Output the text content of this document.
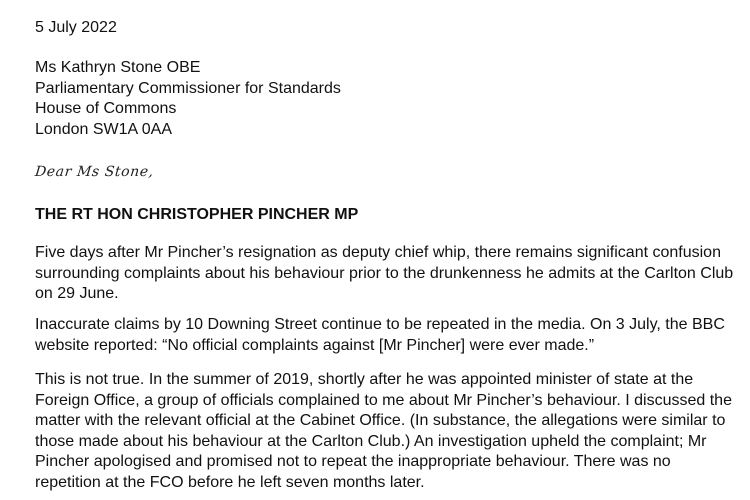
5 July 2022
Ms Kathryn Stone OBE
Parliamentary Commissioner for Standards
House of Commons
London SW1A 0AA
Dear Ms Stone,
THE RT HON CHRISTOPHER PINCHER MP
Five days after Mr Pincher’s resignation as deputy chief whip, there remains significant confusion
surrounding complaints about his behaviour prior to the drunkenness he admits at the Carlton Club
on 29 June.
Inaccurate claims by 10 Downing Street continue to be repeated in the media. On 3 July, the BBC
website reported: “No official complaints against [Mr Pincher] were ever made.”
This is not true. In the summer of 2019, shortly after he was appointed minister of state at the
Foreign Office, a group of officials complained to me about Mr Pincher’s behaviour. I discussed the
matter with the relevant official at the Cabinet Office. (In substance, the allegations were similar to
those made about his behaviour at the Carlton Club.) An investigation upheld the complaint; Mr
Pincher apologised and promised not to repeat the inappropriate behaviour. There was no
repetition at the FCO before he left seven months later.
